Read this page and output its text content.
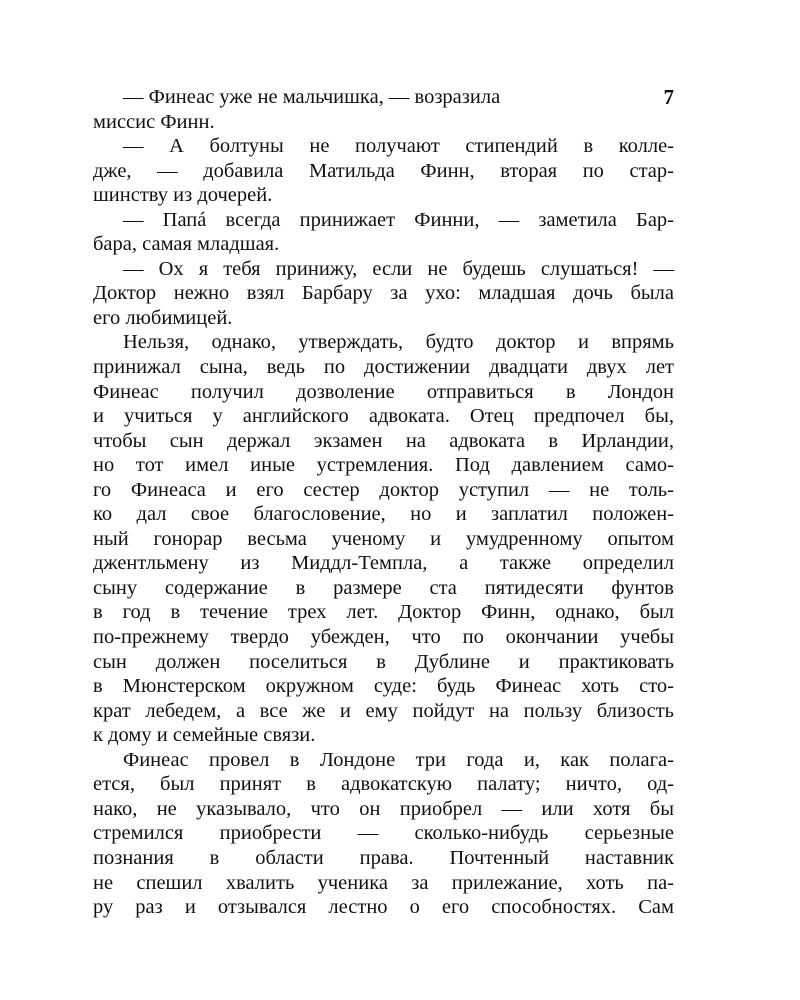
7
— Финеас уже не мальчишка, — возразила
миссис Финн.
— А болтуны не получают стипендий в колле-
дже, — добавила Матильда Финн, вторая по стар-
шинству из дочерей.
— Папá всегда принижает Финни, — заметила Бар-
бара, самая младшая.
— Ох я тебя принижу, если не будешь слушаться! —
Доктор нежно взял Барбару за ухо: младшая дочь была
его любимицей.
Нельзя, однако, утверждать, будто доктор и впрямь
принижал сына, ведь по достижении двадцати двух лет
Финеас получил дозволение отправиться в Лондон
и учиться у английского адвоката. Отец предпочел бы,
чтобы сын держал экзамен на адвоката в Ирландии,
но тот имел иные устремления. Под давлением само-
го Финеаса и его сестер доктор уступил — не толь-
ко дал свое благословение, но и заплатил положен-
ный гонорар весьма ученому и умудренному опытом
джентльмену из Миддл-Темпла, а также определил
сыну содержание в размере ста пятидесяти фунтов
в год в течение трех лет. Доктор Финн, однако, был
по-прежнему твердо убежден, что по окончании учебы
сын должен поселиться в Дублине и практиковать
в Мюнстерском окружном суде: будь Финеас хоть сто-
крат лебедем, а все же и ему пойдут на пользу близость
к дому и семейные связи.
Финеас провел в Лондоне три года и, как полага-
ется, был принят в адвокатскую палату; ничто, од-
нако, не указывало, что он приобрел — или хотя бы
стремился приобрести — сколько-нибудь серьезные
познания в области права. Почтенный наставник
не спешил хвалить ученика за прилежание, хоть па-
ру раз и отзывался лестно о его способностях. Сам
